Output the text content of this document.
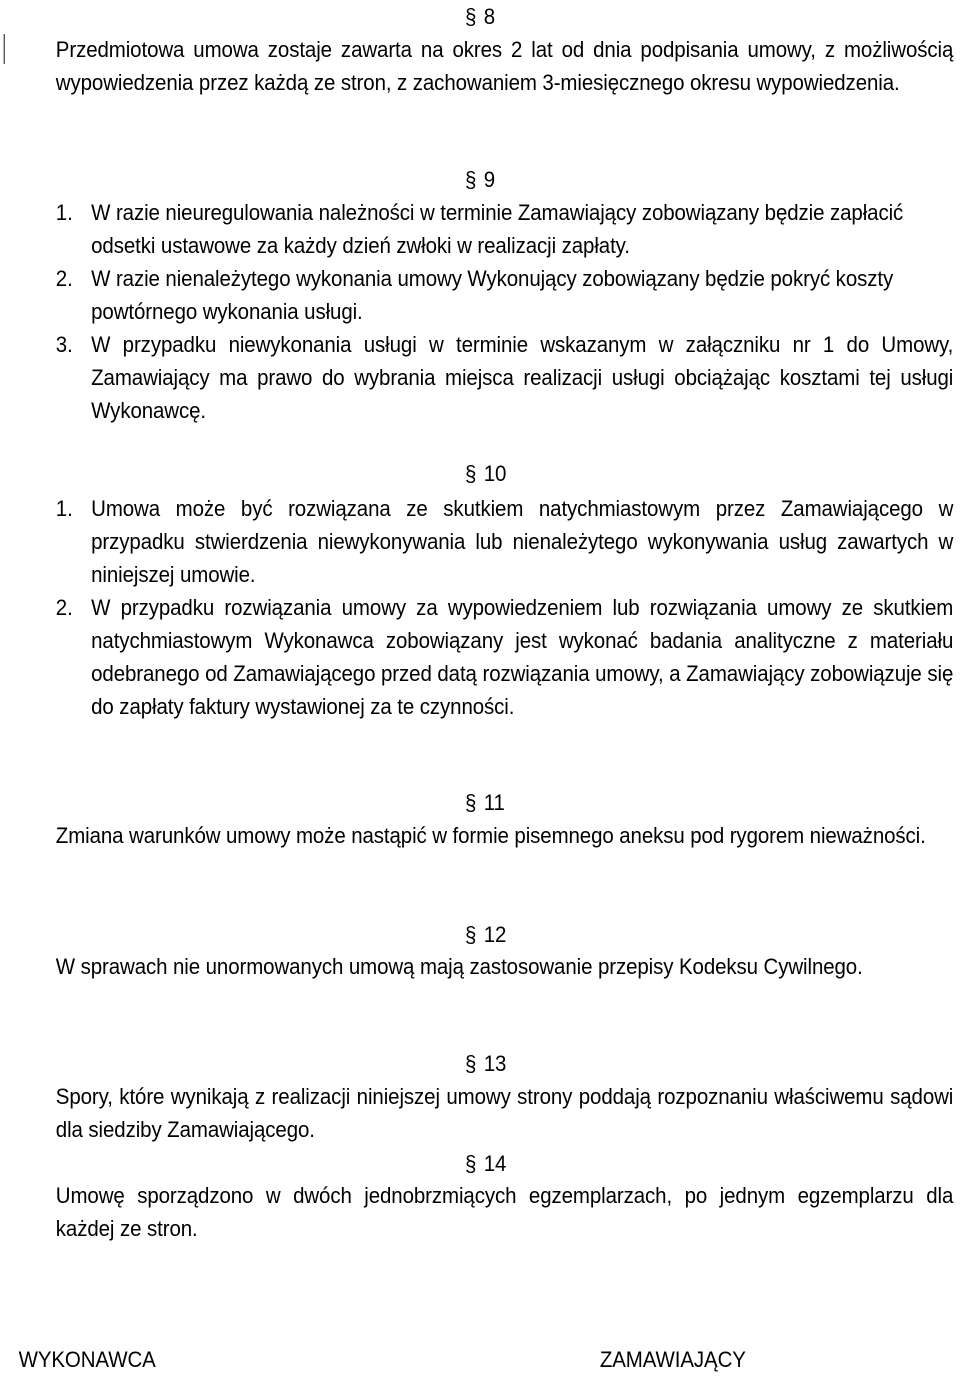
§ 8

Przedmiotowa umowa zostaje zawarta na okres 2 lat od dnia podpisania umowy, z możliwością wypowiedzenia przez każdą ze stron, z zachowaniem 3-miesięcznego okresu wypowiedzenia.

§ 9
1. W razie nieuregulowania należności w terminie Zamawiający zobowiązany będzie zapłacić odsetki ustawowe za każdy dzień zwłoki w realizacji zapłaty.
2. W razie nienależytego wykonania umowy Wykonujący zobowiązany będzie pokryć koszty powtórnego wykonania usługi.
3. W przypadku niewykonania usługi w terminie wskazanym w załączniku nr 1 do Umowy, Zamawiający ma prawo do wybrania miejsca realizacji usługi obciążając kosztami tej usługi Wykonawcę.
§ 10
1. Umowa może być rozwiązana ze skutkiem natychmiastowym przez Zamawiającego w przypadku stwierdzenia niewykonywania lub nienależytego wykonywania usług zawartych w niniejszej umowie.
2. W przypadku rozwiązania umowy za wypowiedzeniem lub rozwiązania umowy ze skutkiem natychmiastowym Wykonawca zobowiązany jest wykonać badania analityczne z materiału odebranego od Zamawiającego przed datą rozwiązania umowy, a Zamawiający zobowiązuje się do zapłaty faktury wystawionej za te czynności.
§ 11

Zmiana warunków umowy może nastąpić w formie pisemnego aneksu pod rygorem nieważności.

§ 12

W sprawach nie unormowanych umową mają zastosowanie przepisy Kodeksu Cywilnego.

§ 13

Spory, które wynikają z realizacji niniejszej umowy strony poddają rozpoznaniu właściwemu sądowi dla siedziby Zamawiającego.

§ 14

Umowę sporządzono w dwóch jednobrzmiących egzemplarzach, po jednym egzemplarzu dla każdej ze stron.

WYKONAWCA	ZAMAWIAJĄCY
